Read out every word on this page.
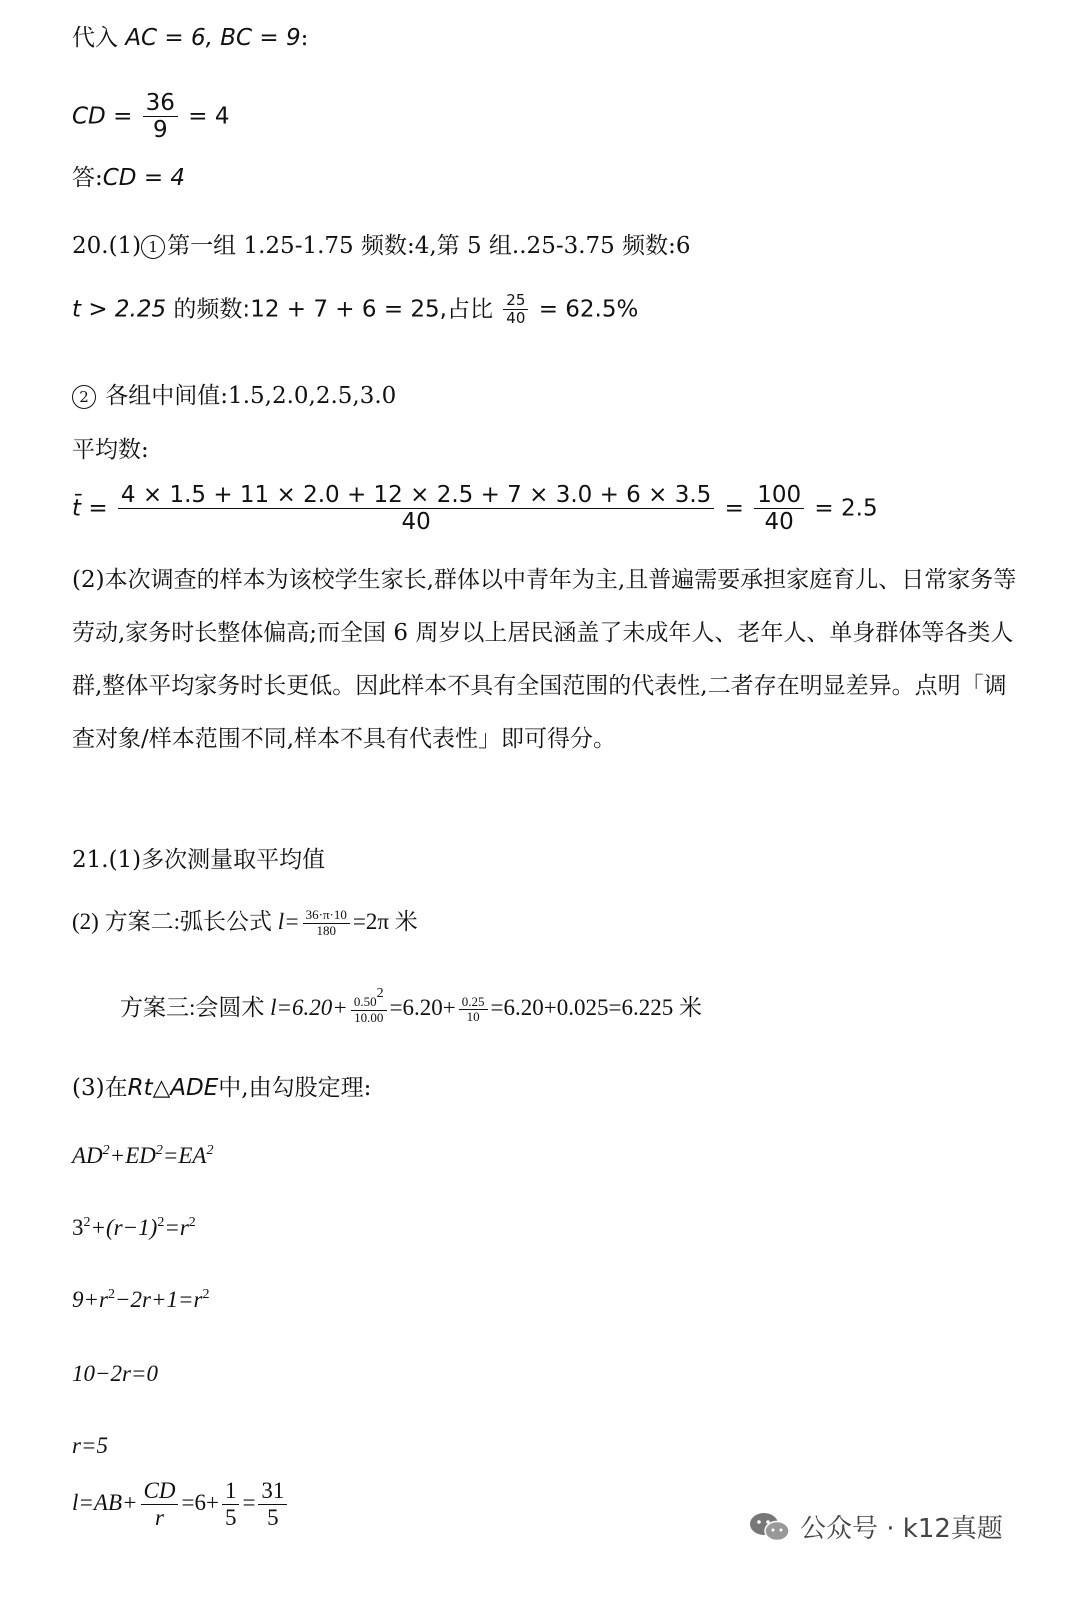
代入 AC = 6, BC = 9:
CD = $\frac{36}{9} = 4$
答:CD = 4
20.(1) 1 第一组 1.25-1.75 频数:4,第 5 组..25-3.75 频数:6
t > 2.25 的频数:12 + 7 + 6 = 25,占比 $\frac{25}{40} = 62.5\%$
2 各组中间值:1.5,2.0,2.5,3.0
平均数:
t̄ = $\frac{4 \times 1.5 + 11 \times 2.0 + 12 \times 2.5 + 7 \times 3.0 + 6 \times 3.5}{40} = \frac{100}{40} = 2.5$
(2)本次调查的样本为该校学生家长,群体以中青年为主,且普遍需要承担家庭育儿、日常家务等劳动,家务时长整体偏高;而全国 6 周岁以上居民涵盖了未成年人、老年人、单身群体等各类人群,整体平均家务时长更低。因此样本不具有全国范围的代表性,二者存在明显差异。点明「调查对象/样本范围不同,样本不具有代表性」即可得分。
21.(1)多次测量取平均值
(2) 方案二:弧长公式 $l= \frac{36\cdot\pi\cdot 10}{180} =2\pi$ 米
方案三:会圆术 $l=6.20+ \frac{0.50^2}{10.00} =6.20+ \frac{0.25}{10} =6.20+0.025=6.225$ 米
(3)在Rt△ADE中,由勾股定理:
$AD^2+ED^2=EA^2$
$3^2+(r-1)^2=r^2$
$9+r^2-2r+1=r^2$
10−2r=0
r=5
$l=AB+ \frac{CD}{r} =6+ \frac{1}{5} = \frac{31}{5}$	公众号 · k12真题
